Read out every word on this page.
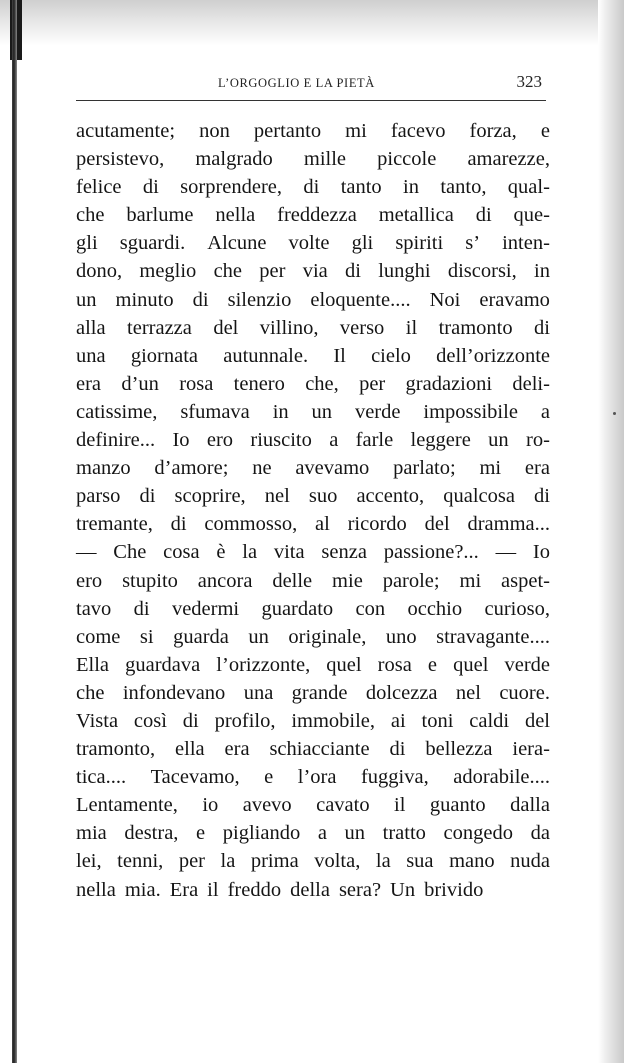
L’ORGOGLIO E LA PIETÀ	323
acutamente; non pertanto mi facevo forza, e
persistevo, malgrado mille piccole amarezze,
felice di sorprendere, di tanto in tanto, qual-
che barlume nella freddezza metallica di que-
gli sguardi. Alcune volte gli spiriti s’ inten-
dono, meglio che per via di lunghi discorsi, in
un minuto di silenzio eloquente.... Noi eravamo
alla terrazza del villino, verso il tramonto di
una giornata autunnale. Il cielo dell’orizzonte
era d’un rosa tenero che, per gradazioni deli-
catissime, sfumava in un verde impossibile a
definire... Io ero riuscito a farle leggere un ro-
manzo d’amore; ne avevamo parlato; mi era
parso di scoprire, nel suo accento, qualcosa di
tremante, di commosso, al ricordo del dramma...
— Che cosa è la vita senza passione?... — Io
ero stupito ancora delle mie parole; mi aspet-
tavo di vedermi guardato con occhio curioso,
come si guarda un originale, uno stravagante....
Ella guardava l’orizzonte, quel rosa e quel verde
che infondevano una grande dolcezza nel cuore.
Vista così di profilo, immobile, ai toni caldi del
tramonto, ella era schiacciante di bellezza iera-
tica.... Tacevamo, e l’ora fuggiva, adorabile....
Lentamente, io avevo cavato il guanto dalla
mia destra, e pigliando a un tratto congedo da
lei, tenni, per la prima volta, la sua mano nuda
nella mia. Era il freddo della sera? Un brivido
